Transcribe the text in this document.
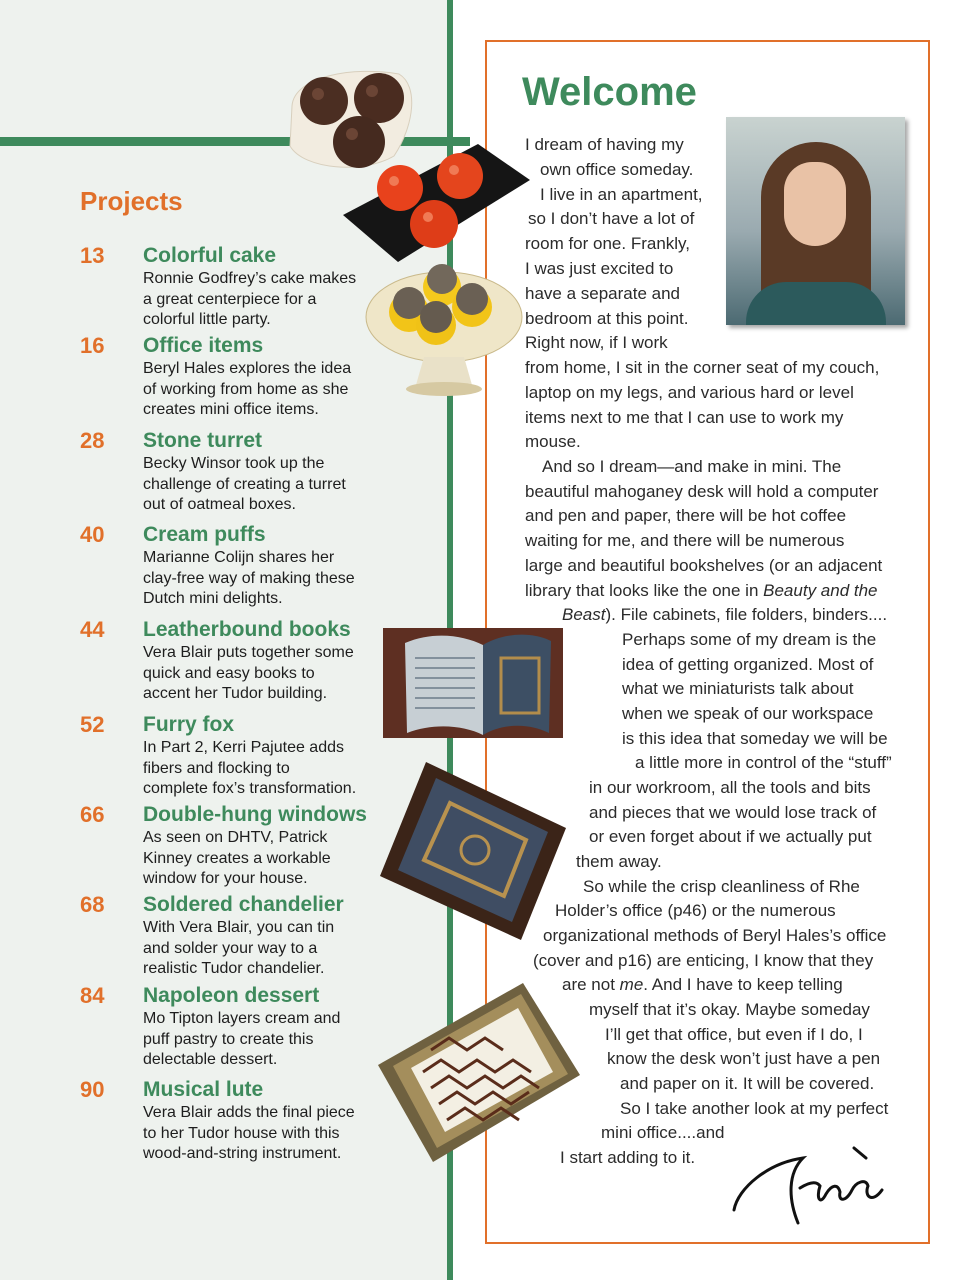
Projects
13 Colorful cake
Ronnie Godfrey’s cake makes
a great centerpiece for a
colorful little party.
16 Office items
Beryl Hales explores the idea
of working from home as she
creates mini office items.
28 Stone turret
Becky Winsor took up the
challenge of creating a turret
out of oatmeal boxes.
40 Cream puffs
Marianne Colijn shares her
clay-free way of making these
Dutch mini delights.
44 Leatherbound books
Vera Blair puts together some
quick and easy books to
accent her Tudor building.
52 Furry fox
In Part 2, Kerri Pajutee adds
fibers and flocking to
complete fox’s transformation.
66 Double-hung windows
As seen on DHTV, Patrick
Kinney creates a workable
window for your house.
68 Soldered chandelier
With Vera Blair, you can tin
and solder your way to a
realistic Tudor chandelier.
84 Napoleon dessert
Mo Tipton layers cream and
puff pastry to create this
delectable dessert.
90 Musical lute
Vera Blair adds the final piece
to her Tudor house with this
wood-and-string instrument.
Welcome
I dream of having my
own office someday.
I live in an apartment,
so I don’t have a lot of
room for one. Frankly,
I was just excited to
have a separate and
bedroom at this point.
Right now, if I work
from home, I sit in the corner seat of my couch,
laptop on my legs, and various hard or level
items next to me that I can use to work my
mouse.
And so I dream—and make in mini. The
beautiful mahoganey desk will hold a computer
and pen and paper, there will be hot coffee
waiting for me, and there will be numerous
large and beautiful bookshelves (or an adjacent
library that looks like the one in Beauty and the
Beast). File cabinets, file folders, binders....
Perhaps some of my dream is the
idea of getting organized. Most of
what we miniaturists talk about
when we speak of our workspace
is this idea that someday we will be
a little more in control of the “stuff”
in our workroom, all the tools and bits
and pieces that we would lose track of
or even forget about if we actually put
them away.
So while the crisp cleanliness of Rhe
Holder’s office (p46) or the numerous
organizational methods of Beryl Hales’s office
(cover and p16) are enticing, I know that they
are not me. And I have to keep telling
myself that it’s okay. Maybe someday
I’ll get that office, but even if I do, I
know the desk won’t just have a pen
and paper on it. It will be covered.
So I take another look at my perfect
mini office....and
I start adding to it.
